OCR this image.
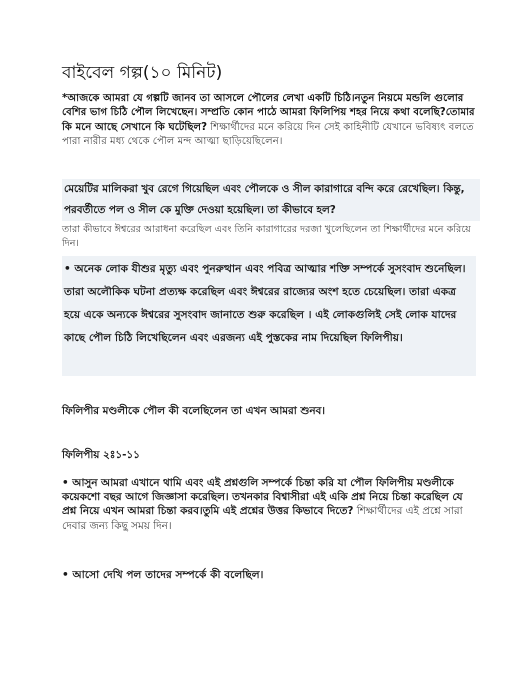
বাইবেল গল্প(১০ মিনিট)

*আজকে আমরা যে গল্পটি জানব তা আসলে পৌলের লেখা একটি চিঠি।নতুন নিয়মে মন্ডলি গুলোর বেশির ভাগ চিঠি পৌল লিখেছেন। সম্প্রতি কোন পাঠে আমরা ফিলিপিয় শহর নিয়ে কথা বলেছি?তোমার কি মনে আছে সেখানে কি ঘটেছিল? শিক্ষার্থীদের মনে করিয়ে দিন সেই কাহিনীটি যেখানে ভবিষ্যৎ বলতে পারা নারীর মধ্য থেকে পৌল মন্দ আত্মা ছাড়িয়েছিলেন।

মেয়েটির মালিকরা খুব রেগে গিয়েছিল এবং পৌলকে ও সীল কারাগারে বন্দি করে রেখেছিল। কিন্তু, পরবর্তীতে পল ও সীল কে মুক্তি দেওয়া হয়েছিল। তা কীভাবে হল?

তারা কীভাবে ঈশ্বরের আরাধনা করেছিল এবং তিনি কারাগারের দরজা খুলেছিলেন তা শিক্ষার্থীদের মনে করিয়ে দিন।

• অনেক লোক যীশুর মৃত্যু এবং পুনরুত্থান এবং পবিত্র আত্মার শক্তি সম্পর্কে সুসংবাদ শুনেছিল। তারা অলৌকিক ঘটনা প্রত্যক্ষ করেছিল এবং ঈশ্বরের রাজ্যের অংশ হতে চেয়েছিল। তারা একত্র হয়ে একে অন্যকে ঈশ্বরের সুসংবাদ জানাতে শুরু করেছিল । এই লোকগুলিই সেই লোক যাদের কাছে পৌল চিঠি লিখেছিলেন এবং এরজন্য এই পুস্তকের নাম দিয়েছিল ফিলিপীয়।

ফিলিপীর মণ্ডলীকে পৌল কী বলেছিলেন তা এখন আমরা শুনব।

ফিলিপীয় ২ঃ১-১১

• আসুন আমরা এখানে থামি এবং এই প্রশ্নগুলি সম্পর্কে চিন্তা করি যা পৌল ফিলিপীয় মণ্ডলীকে কয়েকশো বছর আগে জিজ্ঞাসা করেছিল। তখনকার বিশ্বাসীরা এই একি প্রশ্ন নিয়ে চিন্তা করেছিল যে প্রশ্ন নিয়ে এখন আমরা চিন্তা করব।তুমি এই প্রশ্নের উত্তর কিভাবে দিতে? শিক্ষার্থীদের এই প্রশ্নে সারা দেবার জন্য কিছু সময় দিন।

• আসো দেখি পল তাদের সম্পর্কে কী বলেছিল।
